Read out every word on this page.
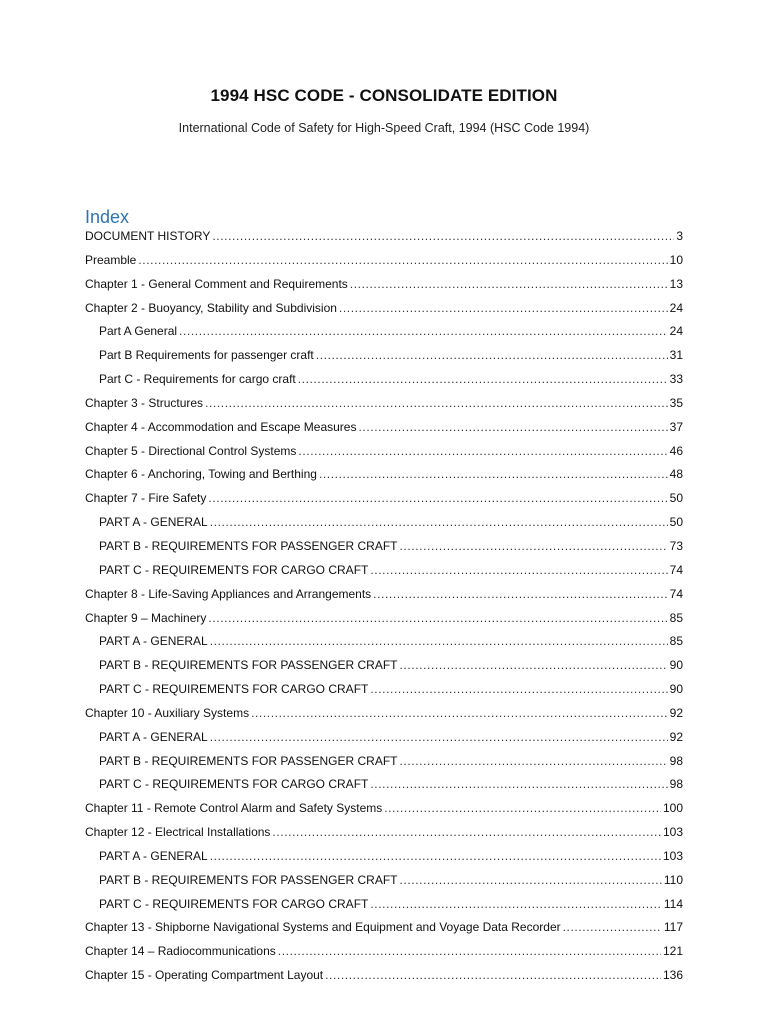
1994 HSC CODE - CONSOLIDATE EDITION
International Code of Safety for High-Speed Craft, 1994 (HSC Code 1994)
Index
DOCUMENT HISTORY .....	3
Preamble .....	10
Chapter 1 - General Comment and Requirements .....	13
Chapter 2 - Buoyancy, Stability and Subdivision .....	24
Part A General .....	24
Part B Requirements for passenger craft .....	31
Part C - Requirements for cargo craft .....	33
Chapter 3 - Structures .....	35
Chapter 4 - Accommodation and Escape Measures .....	37
Chapter 5 - Directional Control Systems .....	46
Chapter 6 - Anchoring, Towing and Berthing .....	48
Chapter 7 - Fire Safety .....	50
PART A - GENERAL .....	50
PART B - REQUIREMENTS FOR PASSENGER CRAFT .....	73
PART C - REQUIREMENTS FOR CARGO CRAFT .....	74
Chapter 8 - Life-Saving Appliances and Arrangements .....	74
Chapter 9 – Machinery .....	85
PART A - GENERAL .....	85
PART B - REQUIREMENTS FOR PASSENGER CRAFT .....	90
PART C - REQUIREMENTS FOR CARGO CRAFT .....	90
Chapter 10 - Auxiliary Systems .....	92
PART A - GENERAL .....	92
PART B - REQUIREMENTS FOR PASSENGER CRAFT .....	98
PART C - REQUIREMENTS FOR CARGO CRAFT .....	98
Chapter 11 - Remote Control Alarm and Safety Systems .....	100
Chapter 12 - Electrical Installations .....	103
PART A - GENERAL .....	103
PART B - REQUIREMENTS FOR PASSENGER CRAFT .....	110
PART C - REQUIREMENTS FOR CARGO CRAFT .....	114
Chapter 13 - Shipborne Navigational Systems and Equipment and Voyage Data Recorder .....	117
Chapter 14 – Radiocommunications .....	121
Chapter 15 - Operating Compartment Layout .....	136
